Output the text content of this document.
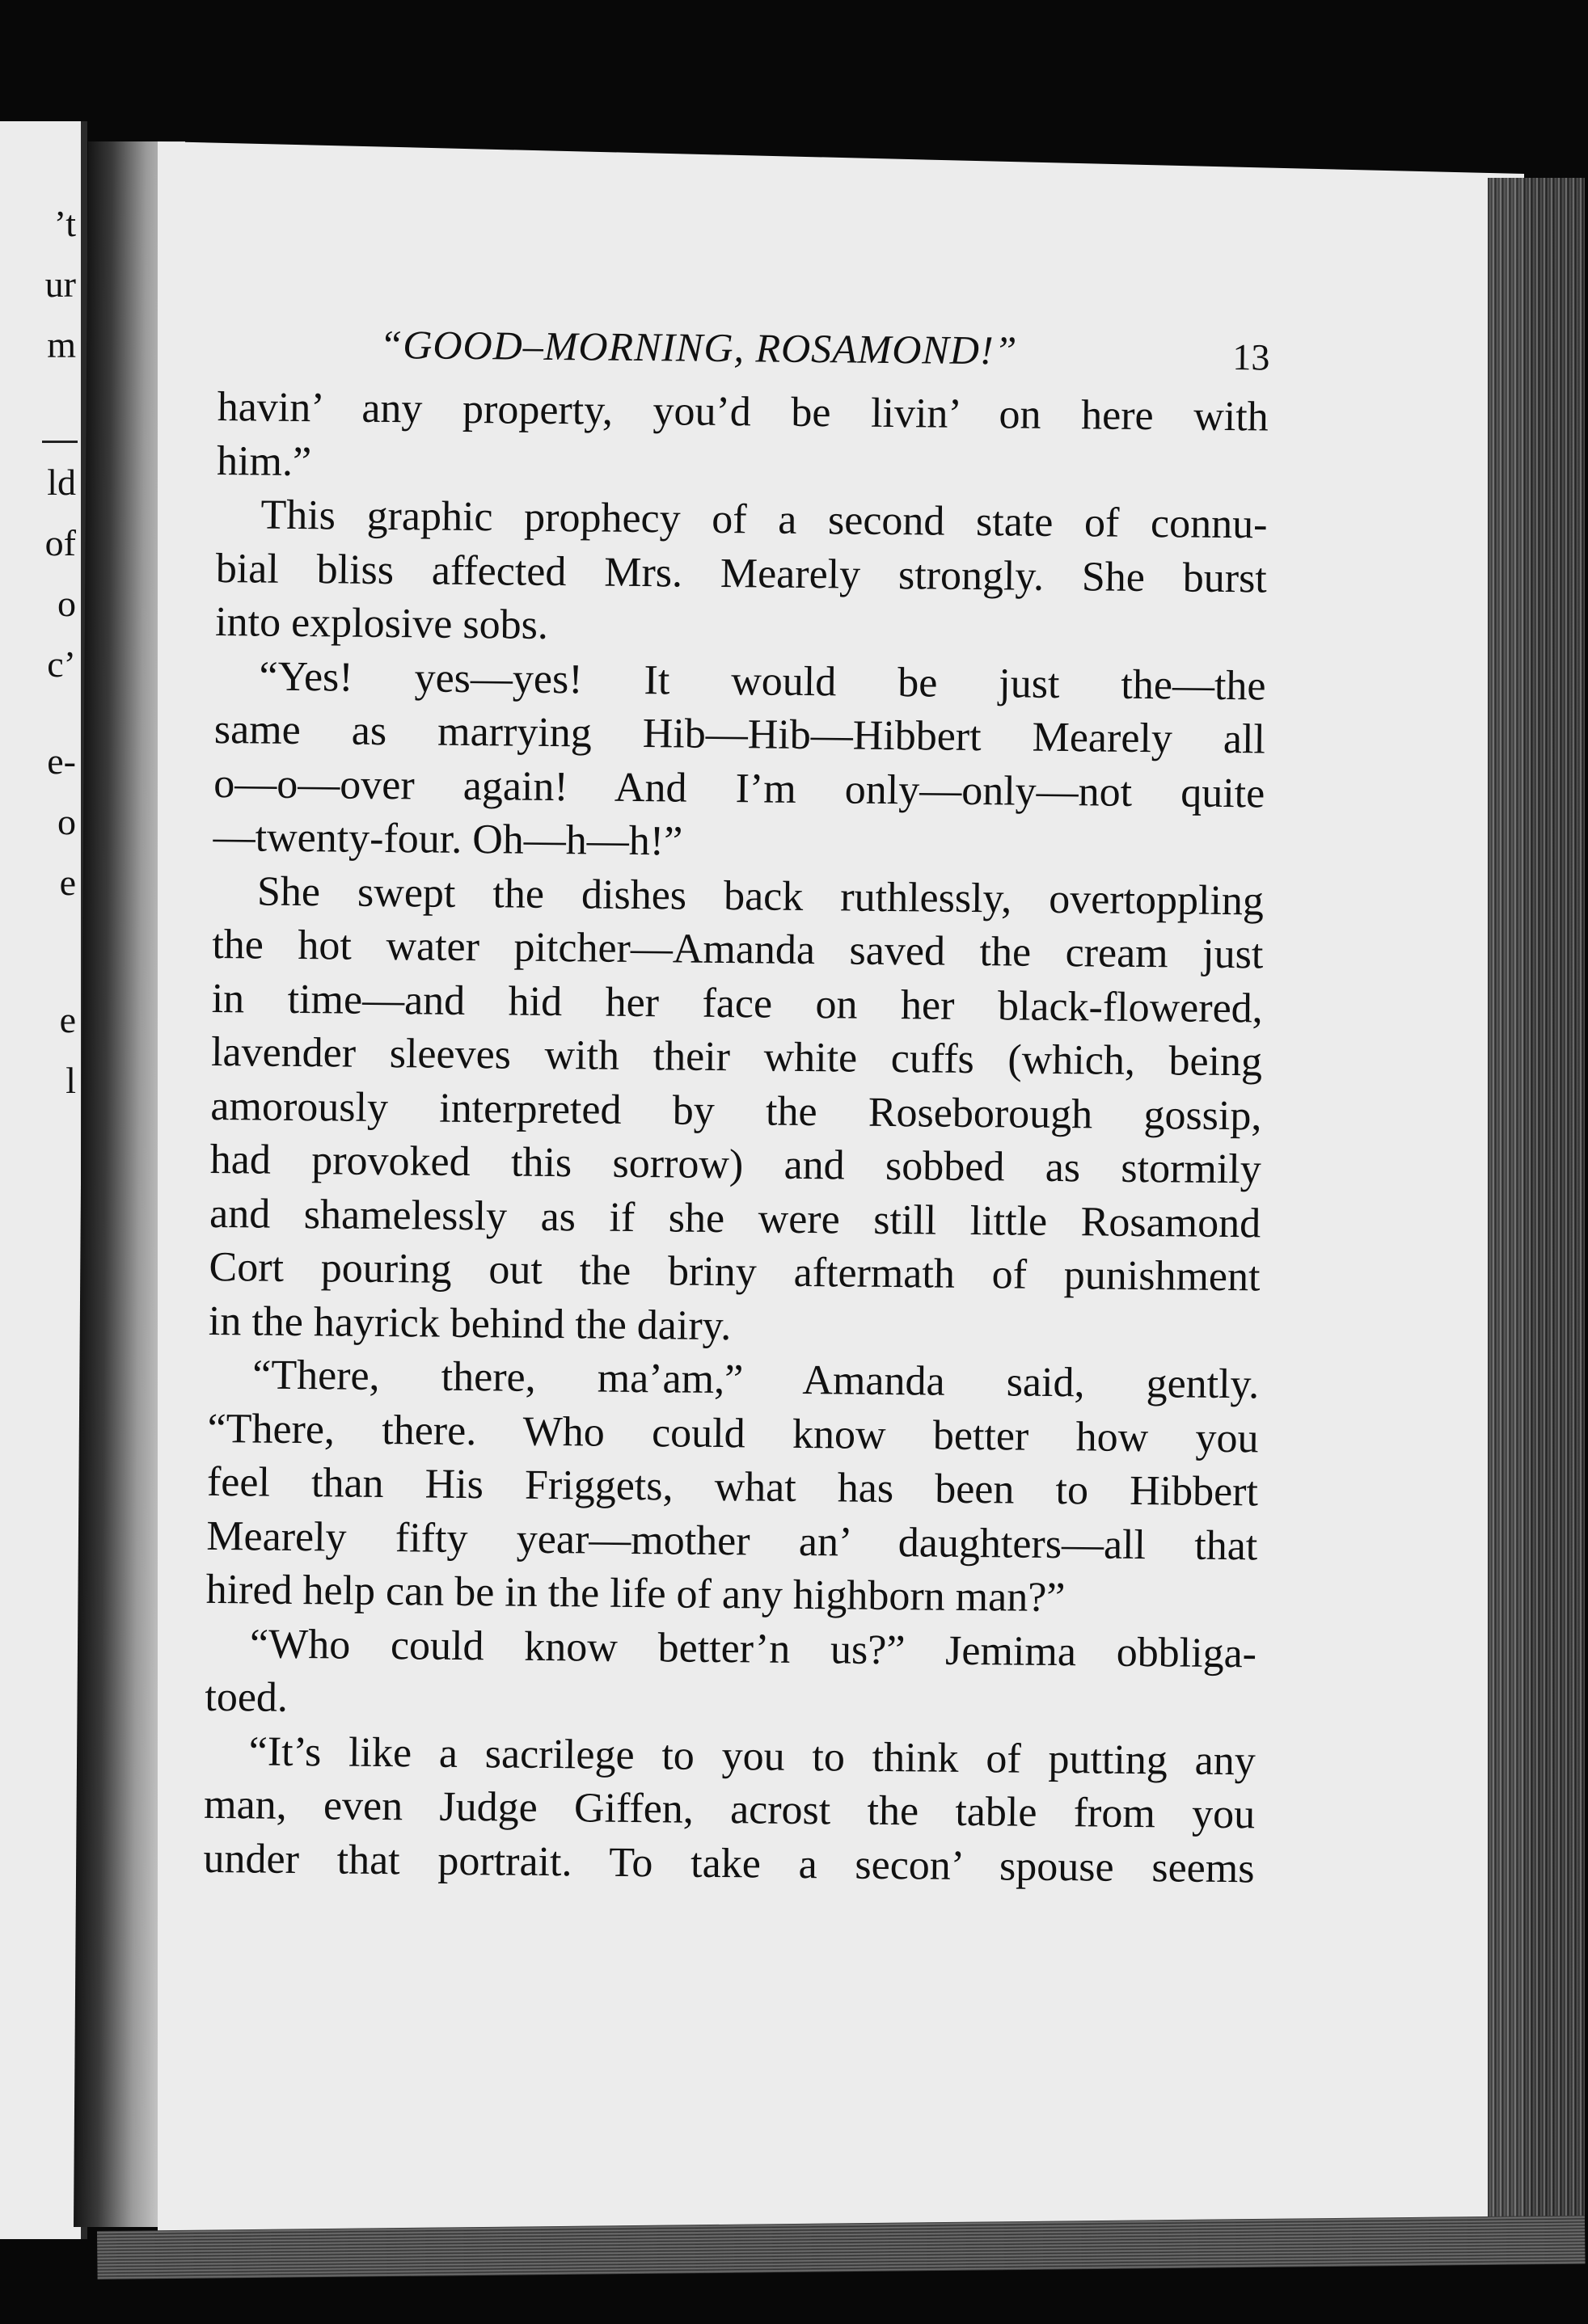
’t
ur
m
ld
of
o
c’
e-
o
e
e
l
“GOOD–MORNING, ROSAMOND!”	13
havin’ any property, you’d be livin’ on here with
him.”
This graphic prophecy of a second state of connu-
bial bliss affected Mrs. Mearely strongly. She burst
into explosive sobs.
“Yes! yes—yes! It would be just the—the
same as marrying Hib—Hib—Hibbert Mearely all
o—o—over again! And I’m only—only—not quite
—twenty-four. Oh—h—h!”
She swept the dishes back ruthlessly, overtoppling
the hot water pitcher—Amanda saved the cream just
in time—and hid her face on her black-flowered,
lavender sleeves with their white cuffs (which, being
amorously interpreted by the Roseborough gossip,
had provoked this sorrow) and sobbed as stormily
and shamelessly as if she were still little Rosamond
Cort pouring out the briny aftermath of punishment
in the hayrick behind the dairy.
“There, there, ma’am,” Amanda said, gently.
“There, there. Who could know better how you
feel than His Friggets, what has been to Hibbert
Mearely fifty year—mother an’ daughters—all that
hired help can be in the life of any highborn man?”
“Who could know better’n us?” Jemima obbliga-
toed.
“It’s like a sacrilege to you to think of putting any
man, even Judge Giffen, acrost the table from you
under that portrait. To take a secon’ spouse seems
